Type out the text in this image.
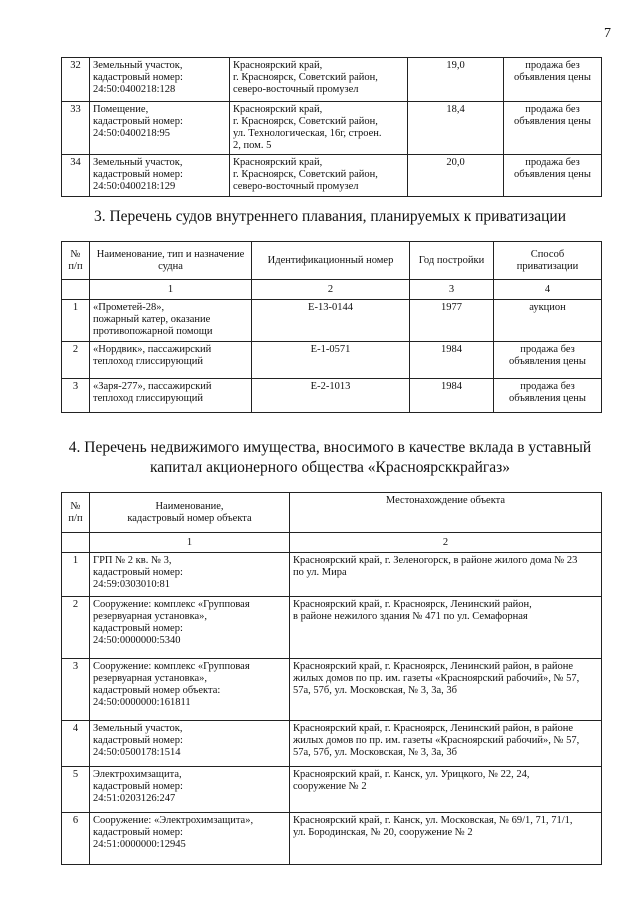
7
32	Земельный участок,
кадастровый номер:
24:50:0400218:128	Красноярский край,
г. Красноярск, Советский район,
северо-восточный промузел	19,0	продажа без
объявления цены
33	Помещение,
кадастровый номер:
24:50:0400218:95	Красноярский край,
г. Красноярск, Советский район,
ул. Технологическая, 16г, строен.
2, пом. 5	18,4	продажа без
объявления цены
34	Земельный участок,
кадастровый номер:
24:50:0400218:129	Красноярский край,
г. Красноярск, Советский район,
северо-восточный промузел	20,0	продажа без
объявления цены
3. Перечень судов внутреннего плавания, планируемых к приватизации
№
п/п	Наименование, тип и назначение
судна	Идентификационный номер	Год постройки	Способ
приватизации
	1	2	3	4
1	«Прометей-28»,
пожарный катер, оказание
противопожарной помощи	Е-13-0144	1977	аукцион
2	«Нордвик», пассажирский
теплоход глиссирующий	Е-1-0571	1984	продажа без
объявления цены
3	«Заря-277», пассажирский
теплоход глиссирующий	Е-2-1013	1984	продажа без
объявления цены
4. Перечень недвижимого имущества, вносимого в качестве вклада в уставный
капитал акционерного общества «Красноярсккрайгаз»
№
п/п	Наименование,
кадастровый номер объекта	Местонахождение объекта
	1	2
1	ГРП № 2 кв. № 3,
кадастровый номер:
24:59:0303010:81	Красноярский край, г. Зеленогорск, в районе жилого дома № 23
по ул. Мира
2	Сооружение: комплекс «Групповая
резервуарная установка»,
кадастровый номер:
24:50:0000000:5340	Красноярский край, г. Красноярск, Ленинский район,
в районе нежилого здания № 471 по ул. Семафорная
3	Сооружение: комплекс «Групповая
резервуарная установка»,
кадастровый номер объекта:
24:50:0000000:161811	Красноярский край, г. Красноярск, Ленинский район, в районе
жилых домов по пр. им. газеты «Красноярский рабочий», № 57,
57а, 57б, ул. Московская, № 3, 3а, 3б
4	Земельный участок,
кадастровый номер:
24:50:0500178:1514	Красноярский край, г. Красноярск, Ленинский район, в районе
жилых домов по пр. им. газеты «Красноярский рабочий», № 57,
57а, 57б, ул. Московская, № 3, 3а, 3б
5	Электрохимзащита,
кадастровый номер:
24:51:0203126:247	Красноярский край, г. Канск, ул. Урицкого, № 22, 24,
сооружение № 2
6	Сооружение: «Электрохимзащита»,
кадастровый номер:
24:51:0000000:12945	Красноярский край, г. Канск, ул. Московская, № 69/1, 71, 71/1,
ул. Бородинская, № 20, сооружение № 2
